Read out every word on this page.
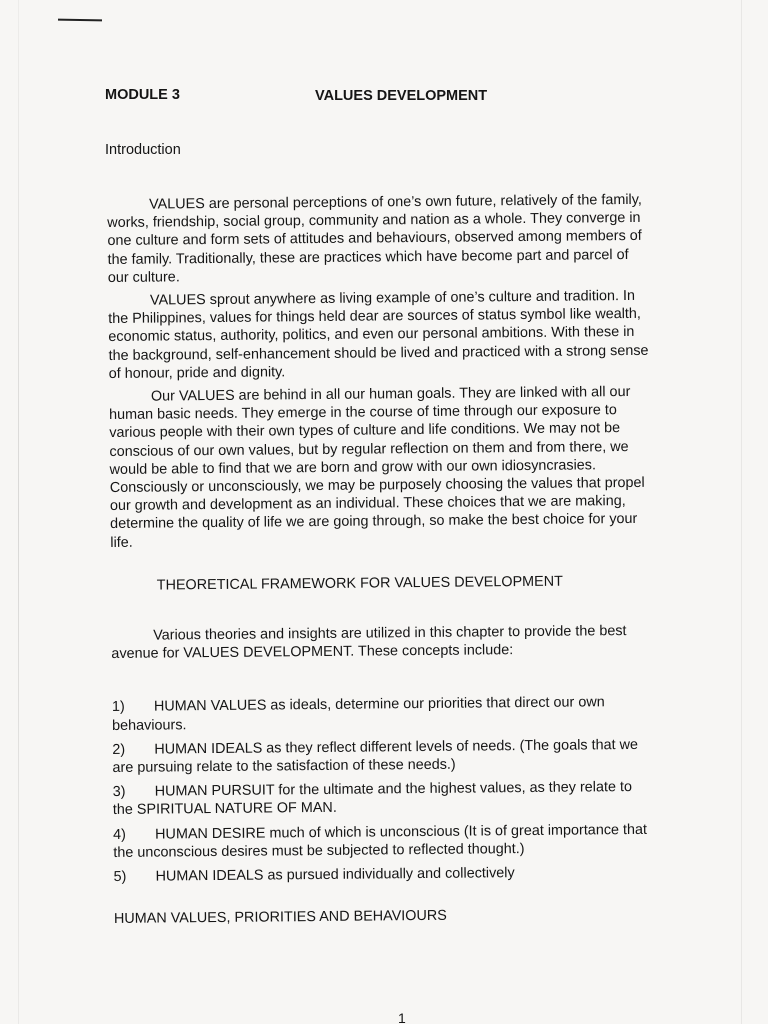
MODULE 3	VALUES DEVELOPMENT
Introduction

VALUES are personal perceptions of one’s own future, relatively of the family, works, friendship, social group, community and nation as a whole. They converge in one culture and form sets of attitudes and behaviours, observed among members of the family. Traditionally, these are practices which have become part and parcel of our culture.

VALUES sprout anywhere as living example of one’s culture and tradition. In the Philippines, values for things held dear are sources of status symbol like wealth, economic status, authority, politics, and even our personal ambitions. With these in the background, self-enhancement should be lived and practiced with a strong sense of honour, pride and dignity.

Our VALUES are behind in all our human goals. They are linked with all our human basic needs. They emerge in the course of time through our exposure to various people with their own types of culture and life conditions. We may not be conscious of our own values, but by regular reflection on them and from there, we would be able to find that we are born and grow with our own idiosyncrasies. Consciously or unconsciously, we may be purposely choosing the values that propel our growth and development as an individual. These choices that we are making, determine the quality of life we are going through, so make the best choice for your life.

THEORETICAL FRAMEWORK FOR VALUES DEVELOPMENT

Various theories and insights are utilized in this chapter to provide the best avenue for VALUES DEVELOPMENT. These concepts include:

1) HUMAN VALUES as ideals, determine our priorities that direct our own behaviours.
2) HUMAN IDEALS as they reflect different levels of needs. (The goals that we are pursuing relate to the satisfaction of these needs.)
3) HUMAN PURSUIT for the ultimate and the highest values, as they relate to the SPIRITUAL NATURE OF MAN.
4) HUMAN DESIRE much of which is unconscious (It is of great importance that the unconscious desires must be subjected to reflected thought.)
5) HUMAN IDEALS as pursued individually and collectively

HUMAN VALUES, PRIORITIES AND BEHAVIOURS

1
